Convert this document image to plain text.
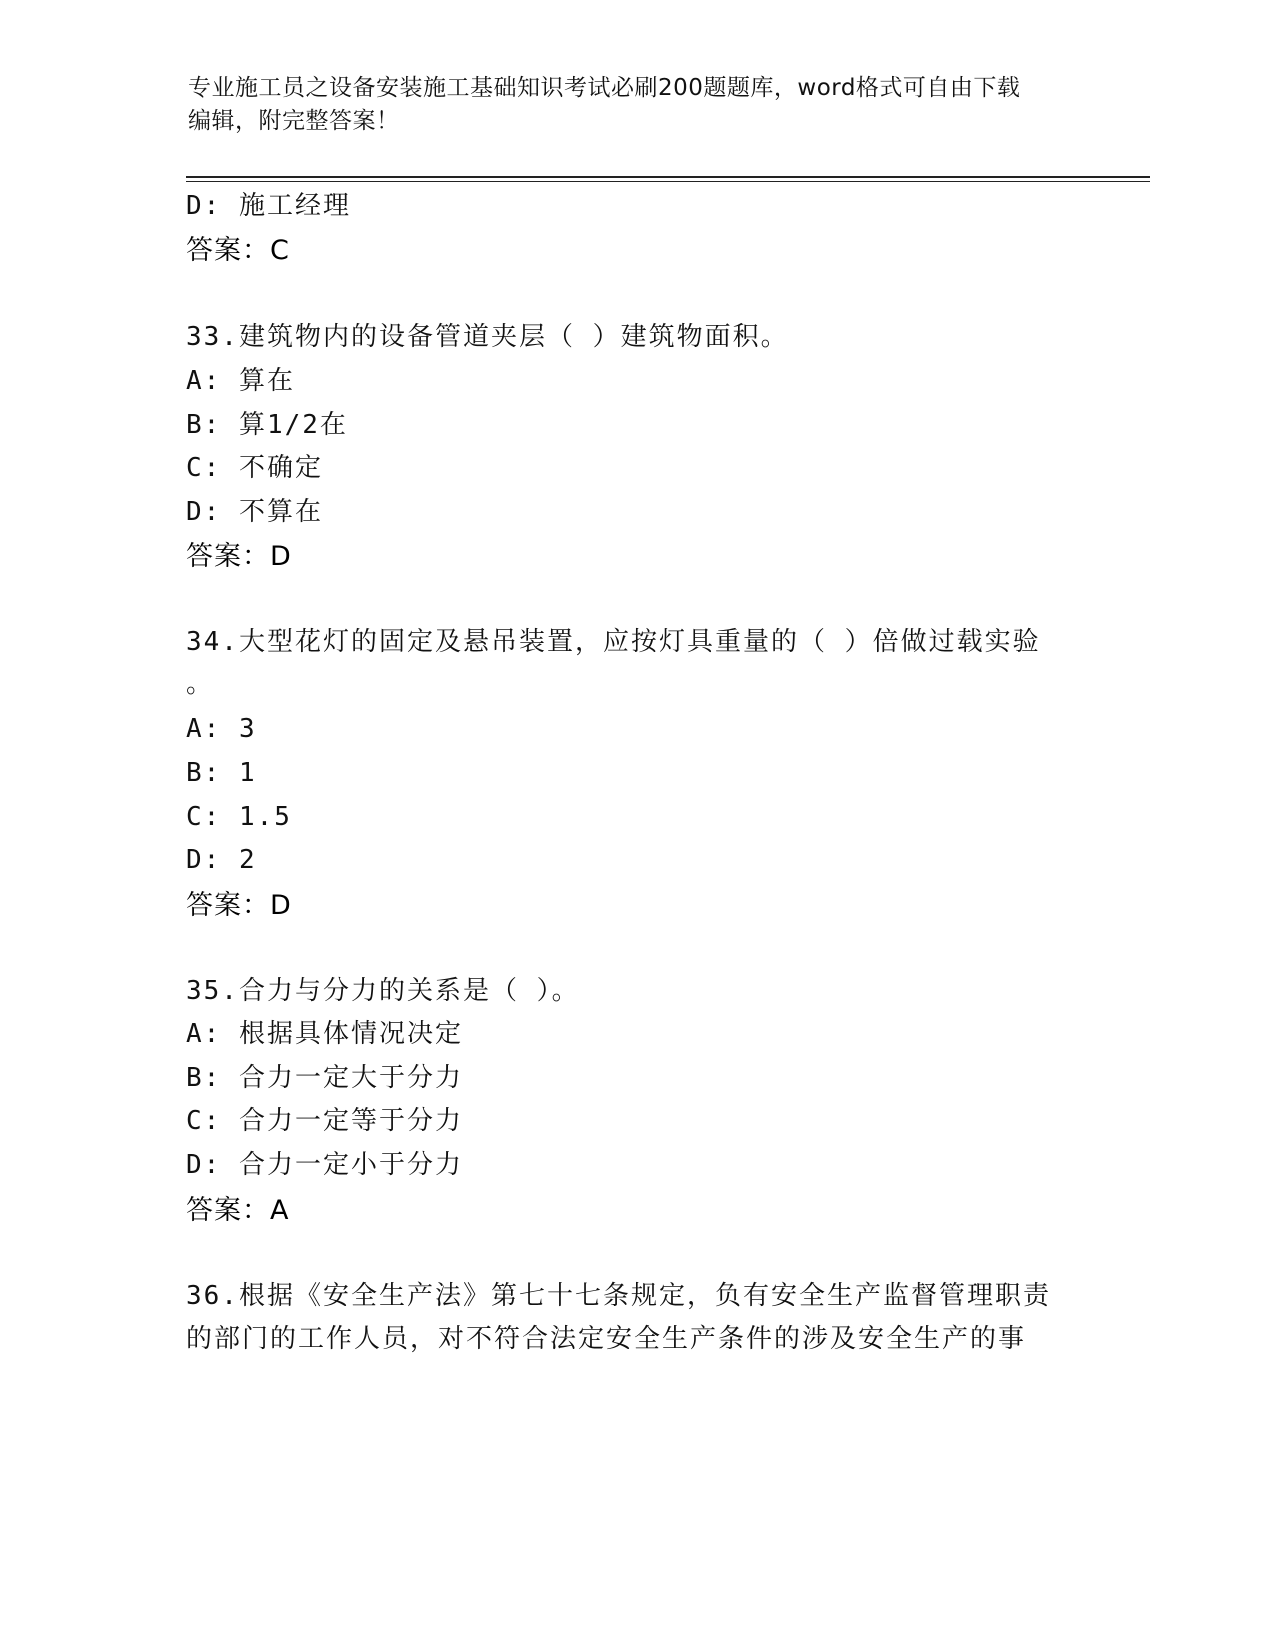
专业施工员之设备安装施工基础知识考试必刷200题题库，word格式可自由下载
编辑，附完整答案！
D: 施工经理
答案：C
33.建筑物内的设备管道夹层（ ）建筑物面积。
A: 算在
B: 算1/2在
C: 不确定
D: 不算在
答案：D
34.大型花灯的固定及悬吊装置，应按灯具重量的（ ）倍做过载实验
。
A: 3
B: 1
C: 1.5
D: 2
答案：D
35.合力与分力的关系是（ ）。
A: 根据具体情况决定
B: 合力一定大于分力
C: 合力一定等于分力
D: 合力一定小于分力
答案：A
36.根据《安全生产法》第七十七条规定，负有安全生产监督管理职责
的部门的工作人员，对不符合法定安全生产条件的涉及安全生产的事
